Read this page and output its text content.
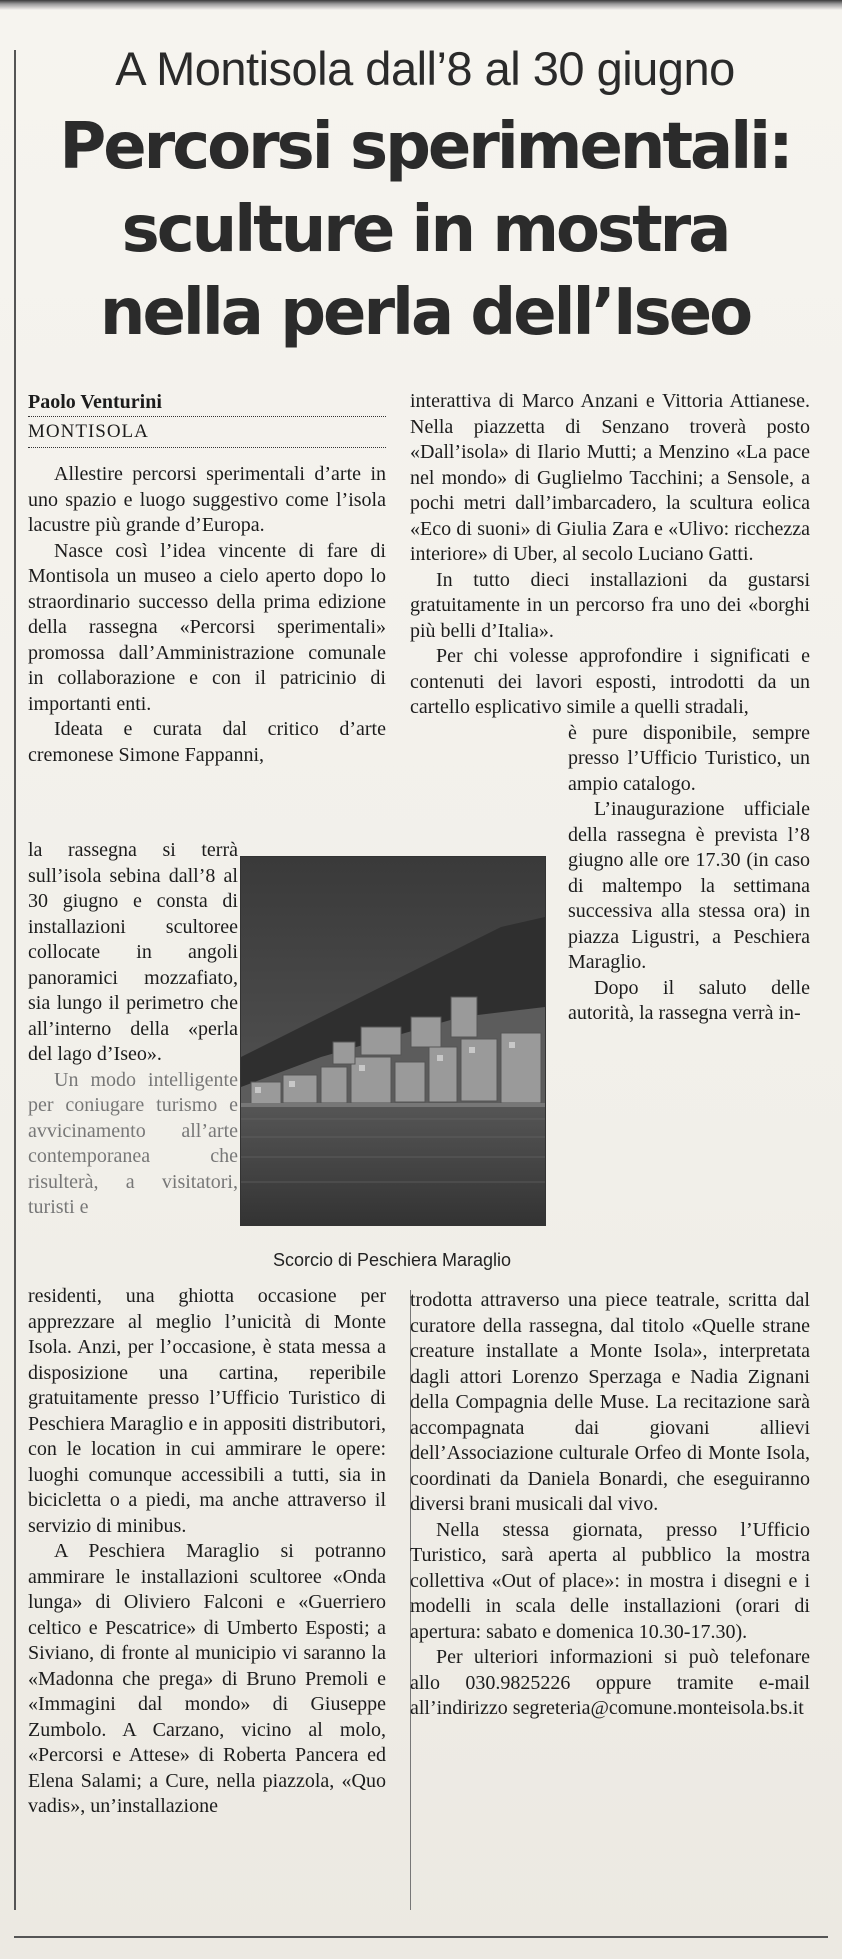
A Montisola dall’8 al 30 giugno

Percorsi sperimentali:
sculture in mostra
nella perla dell’Iseo
Paolo Venturini
MONTISOLA

Allestire percorsi sperimentali d’arte in uno spazio e luogo suggestivo come l’isola lacustre più grande d’Europa.

Nasce così l’idea vincente di fare di Montisola un museo a cielo aperto dopo lo straordinario successo della prima edizione della rassegna «Percorsi sperimentali» promossa dall’Amministrazione comunale in collaborazione e con il patricinio di importanti enti.

Ideata e curata dal critico d’arte cremonese Simone Fappanni,

la rassegna si terrà sull’isola sebina dall’8 al 30 giugno e consta di installazioni scultoree collocate in angoli panoramici mozzafiato, sia lungo il perimetro che all’interno della «perla del lago d’Iseo».

Un modo intelligente per coniugare turismo e avvicinamento all’arte contemporanea che risulterà, a visitatori, turisti e

Scorcio di Peschiera Maraglio

residenti, una ghiotta occasione per apprezzare al meglio l’unicità di Monte Isola. Anzi, per l’occasione, è stata messa a disposizione una cartina, reperibile gratuitamente presso l’Ufficio Turistico di Peschiera Maraglio e in appositi distributori, con le location in cui ammirare le opere: luoghi comunque accessibili a tutti, sia in bicicletta o a piedi, ma anche attraverso il servizio di minibus.

A Peschiera Maraglio si potranno ammirare le installazioni scultoree «Onda lunga» di Oliviero Falconi e «Guerriero celtico e Pescatrice» di Umberto Esposti; a Siviano, di fronte al municipio vi saranno la «Madonna che prega» di Bruno Premoli e «Immagini dal mondo» di Giuseppe Zumbolo. A Carzano, vicino al molo, «Percorsi e Attese» di Roberta Pancera ed Elena Salami; a Cure, nella piazzola, «Quo vadis», un’installazione

interattiva di Marco Anzani e Vittoria Attianese. Nella piazzetta di Senzano troverà posto «Dall’isola» di Ilario Mutti; a Menzino «La pace nel mondo» di Guglielmo Tacchini; a Sensole, a pochi metri dall’imbarcadero, la scultura eolica «Eco di suoni» di Giulia Zara e «Ulivo: ricchezza interiore» di Uber, al secolo Luciano Gatti.

In tutto dieci installazioni da gustarsi gratuitamente in un percorso fra uno dei «borghi più belli d’Italia».

Per chi volesse approfondire i significati e contenuti dei lavori esposti, introdotti da un cartello esplicativo simile a quelli stradali,

è pure disponibile, sempre presso l’Ufficio Turistico, un ampio catalogo.

L’inaugurazione ufficiale della rassegna è prevista l’8 giugno alle ore 17.30 (in caso di maltempo la settimana successiva alla stessa ora) in piazza Ligustri, a Peschiera Maraglio.

Dopo il saluto delle autorità, la rassegna verrà in-

trodotta attraverso una piece teatrale, scritta dal curatore della rassegna, dal titolo «Quelle strane creature installate a Monte Isola», interpretata dagli attori Lorenzo Sperzaga e Nadia Zignani della Compagnia delle Muse. La recitazione sarà accompagnata dai giovani allievi dell’Associazione culturale Orfeo di Monte Isola, coordinati da Daniela Bonardi, che eseguiranno diversi brani musicali dal vivo.

Nella stessa giornata, presso l’Ufficio Turistico, sarà aperta al pubblico la mostra collettiva «Out of place»: in mostra i disegni e i modelli in scala delle installazioni (orari di apertura: sabato e domenica 10.30-17.30).

Per ulteriori informazioni si può telefonare allo 030.9825226 oppure tramite e-mail all’indirizzo segreteria@comune.monteisola.bs.it
